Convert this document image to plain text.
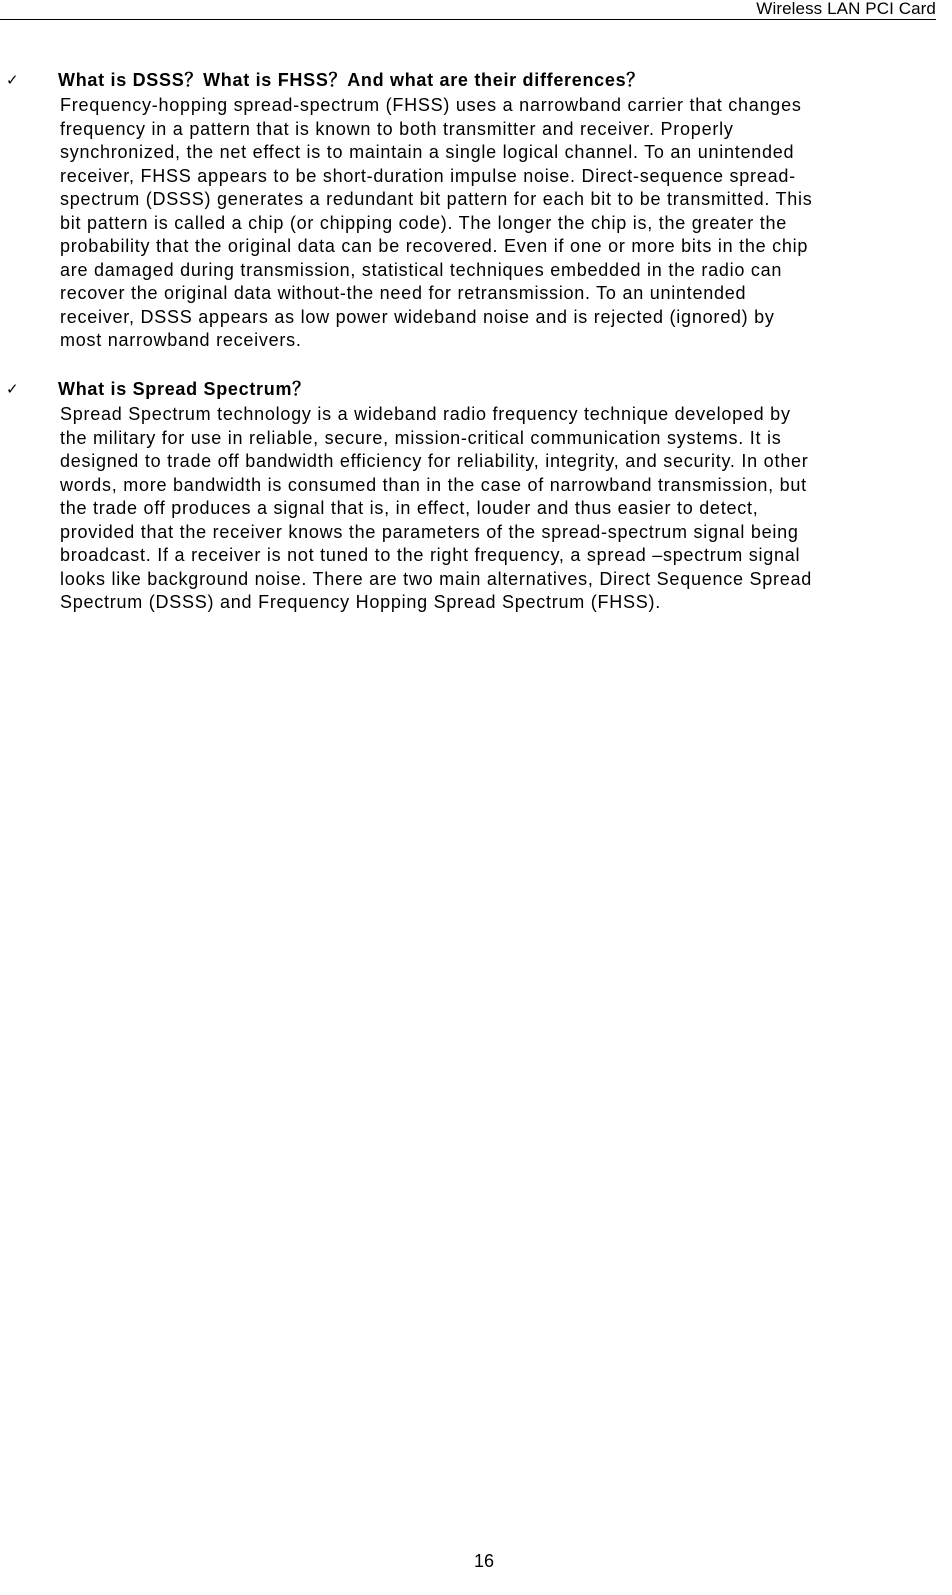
Wireless LAN PCI Card
✓ What is DSSS？What is FHSS？And what are their differences？
Frequency-hopping spread-spectrum (FHSS) uses a narrowband carrier that changes
frequency in a pattern that is known to both transmitter and receiver. Properly
synchronized, the net effect is to maintain a single logical channel. To an unintended
receiver, FHSS appears to be short-duration impulse noise. Direct-sequence spread-
spectrum (DSSS) generates a redundant bit pattern for each bit to be transmitted. This
bit pattern is called a chip (or chipping code). The longer the chip is, the greater the
probability that the original data can be recovered. Even if one or more bits in the chip
are damaged during transmission, statistical techniques embedded in the radio can
recover the original data without-the need for retransmission. To an unintended
receiver, DSSS appears as low power wideband noise and is rejected (ignored) by
most narrowband receivers.
✓ What is Spread Spectrum？
Spread Spectrum technology is a wideband radio frequency technique developed by
the military for use in reliable, secure, mission-critical communication systems. It is
designed to trade off bandwidth efficiency for reliability, integrity, and security. In other
words, more bandwidth is consumed than in the case of narrowband transmission, but
the trade off produces a signal that is, in effect, louder and thus easier to detect,
provided that the receiver knows the parameters of the spread-spectrum signal being
broadcast. If a receiver is not tuned to the right frequency, a spread –spectrum signal
looks like background noise. There are two main alternatives, Direct Sequence Spread
Spectrum (DSSS) and Frequency Hopping Spread Spectrum (FHSS).
16
